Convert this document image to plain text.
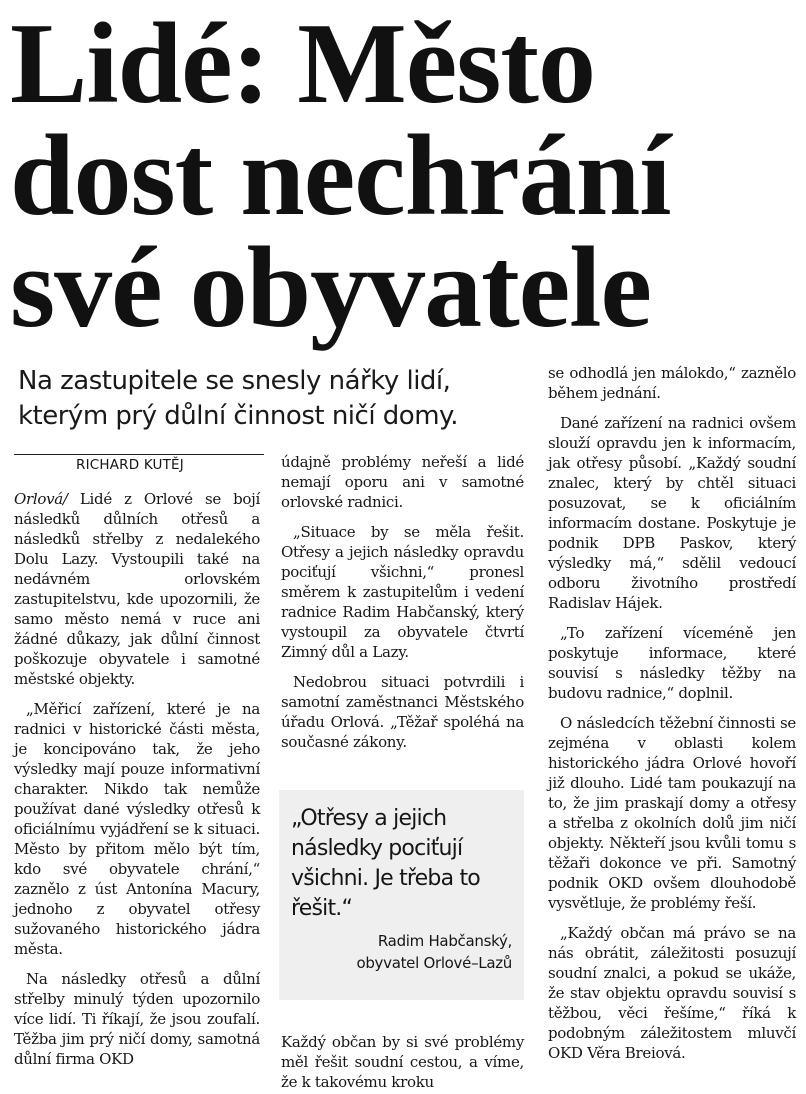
Lidé: Město
dost nechrání
své obyvatele
Na zastupitele se snesly nářky lidí,
kterým prý důlní činnost ničí domy.
RICHARD KUTĚJ

Orlová/ Lidé z Orlové se bojí následků důlních otřesů a následků střelby z nedalekého Dolu Lazy. Vystoupili také na nedávném orlovském zastupitelstvu, kde upozornili, že samo město nemá v ruce ani žádné důkazy, jak důlní činnost poškozuje obyvatele i samotné městské objekty.

„Měřicí zařízení, které je na radnici v historické části města, je koncipováno tak, že jeho výsledky mají pouze informativní charakter. Nikdo tak nemůže používat dané výsledky otřesů k oficiálnímu vyjádření se k situaci. Město by přitom mělo být tím, kdo své obyvatele chrání,“ zaznělo z úst Antonína Macury, jednoho z obyvatel otřesy sužovaného historického jádra města.

Na následky otřesů a důlní střelby minulý týden upozornilo více lidí. Ti říkají, že jsou zoufalí. Těžba jim prý ničí domy, samotná důlní firma OKD

údajně problémy neřeší a lidé nemají oporu ani v samotné orlovské radnici.

„Situace by se měla řešit. Otřesy a jejich následky opravdu pociťují všichni,“ pronesl směrem k zastupitelům i vedení radnice Radim Habčanský, který vystoupil za obyvatele čtvrtí Zimný důl a Lazy.

Nedobrou situaci potvrdili i samotní zaměstnanci Městského úřadu Orlová. „Těžař spoléhá na současné zákony.

„Otřesy a jejich následky pociťují všichni. Je třeba to řešit.“

Radim Habčanský,
obyvatel Orlové–Lazů

Každý občan by si své problémy měl řešit soudní cestou, a víme, že k takovému kroku

se odhodlá jen málokdo,“ zaznělo během jednání.

Dané zařízení na radnici ovšem slouží opravdu jen k informacím, jak otřesy působí. „Každý soudní znalec, který by chtěl situaci posuzovat, se k oficiálním informacím dostane. Poskytuje je podnik DPB Paskov, který výsledky má,“ sdělil vedoucí odboru životního prostředí Radislav Hájek.

„To zařízení víceméně jen poskytuje informace, které souvisí s následky těžby na budovu radnice,“ doplnil.

O následcích těžební činnosti se zejména v oblasti kolem historického jádra Orlové hovoří již dlouho. Lidé tam poukazují na to, že jim praskají domy a otřesy a střelba z okolních dolů jim ničí objekty. Někteří jsou kvůli tomu s těžaři dokonce ve při. Samotný podnik OKD ovšem dlouhodobě vysvětluje, že problémy řeší.

„Každý občan má právo se na nás obrátit, záležitosti posuzují soudní znalci, a pokud se ukáže, že stav objektu opravdu souvisí s těžbou, věci řešíme,“ říká k podobným záležitostem mluvčí OKD Věra Breiová.
